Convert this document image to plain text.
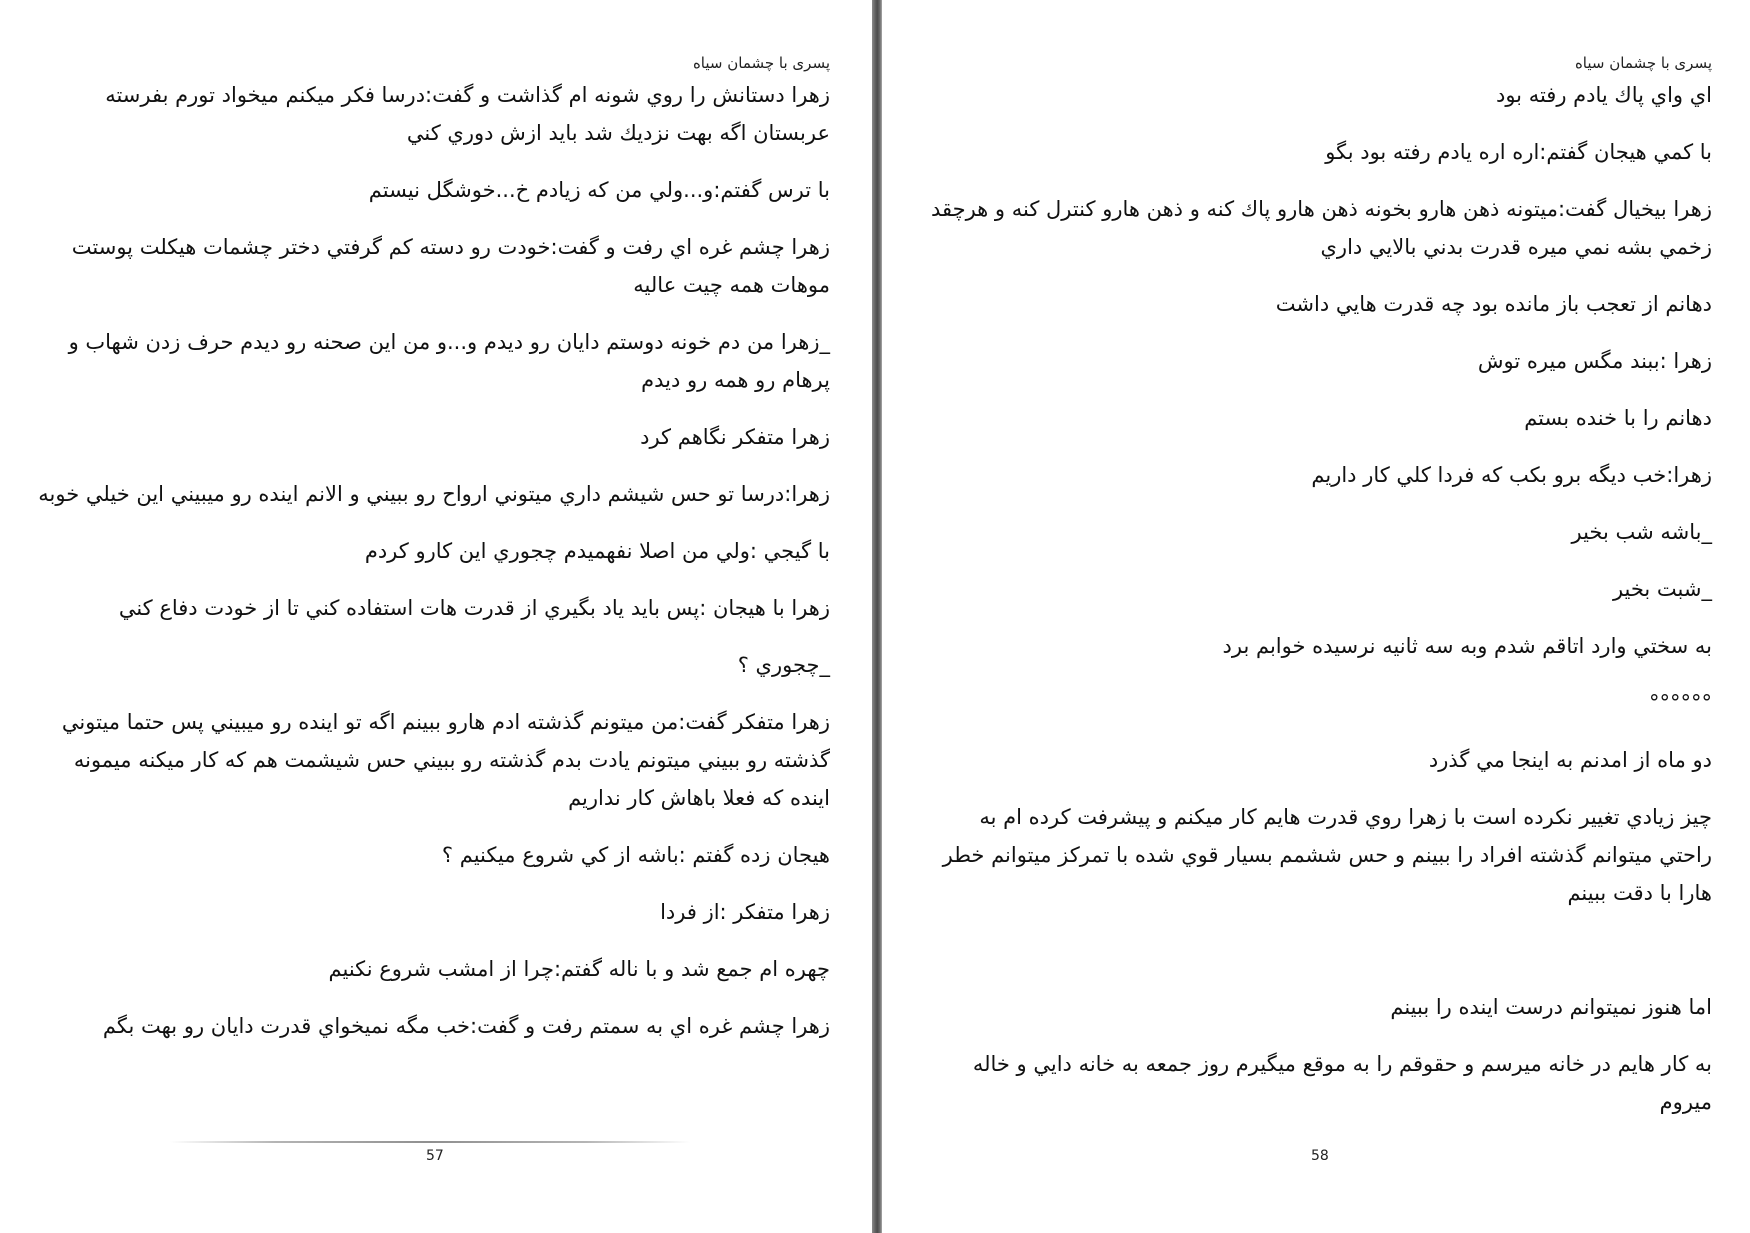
پسری با چشمان سیاه

زهرا دستانش را روي شونه ام گذاشت و گفت:درسا فكر ميكنم ميخواد تورم بفرسته عربستان اگه بهت نزديك شد بايد ازش دوري كني

با ترس گفتم:و...ولي من كه زيادم خ...خوشگل نيستم

زهرا چشم غره اي رفت و گفت:خودت رو دسته كم گرفتي دختر چشمات هيكلت پوستت موهات همه چيت عاليه

_زهرا من دم خونه دوستم دايان رو ديدم و...و من اين صحنه رو ديدم حرف زدن شهاب و پرهام رو همه رو ديدم

زهرا متفكر نگاهم كرد

زهرا:درسا تو حس شيشم داري ميتوني ارواح رو ببيني و الانم اينده رو ميبيني اين خيلي خوبه

با گيجي :ولي من اصلا نفهميدم چجوري اين كارو كردم

زهرا با هيجان :پس بايد ياد بگيري از قدرت هات استفاده كني تا از خودت دفاع كني

_چجوري ؟

زهرا متفكر گفت:من ميتونم گذشته ادم هارو ببينم اگه تو اينده رو ميبيني پس حتما ميتوني گذشته رو ببيني ميتونم يادت بدم گذشته رو ببيني حس شيشمت هم كه كار ميكنه ميمونه اينده كه فعلا باهاش كار نداريم

هيجان زده گفتم :باشه از كي شروع ميكنيم ؟

زهرا متفكر :از فردا

چهره ام جمع شد و با ناله گفتم:چرا از امشب شروع نكنيم

زهرا چشم غره اي به سمتم رفت و گفت:خب مگه نميخواي قدرت دايان رو بهت بگم

57
پسری با چشمان سیاه

اي واي پاك يادم رفته بود

با كمي هيجان گفتم:اره اره يادم رفته بود بگو

زهرا بيخيال گفت:ميتونه ذهن هارو بخونه ذهن هارو پاك كنه و ذهن هارو كنترل كنه و هرچقد زخمي بشه نمي ميره قدرت بدني بالايي داري

دهانم از تعجب باز مانده بود چه قدرت هايي داشت

زهرا :ببند مگس ميره توش

دهانم را با خنده بستم

زهرا:خب ديگه برو بكب كه فردا كلي كار داريم

_باشه شب بخير

_شبت بخير

به سختي وارد اتاقم شدم وبه سه ثانيه نرسيده خوابم برد

°°°°°°

دو ماه از امدنم به اينجا مي گذرد

چيز زيادي تغيير نكرده است با زهرا روي قدرت هايم كار ميكنم و پيشرفت كرده ام به راحتي ميتوانم گذشته افراد را ببينم و حس ششمم بسيار قوي شده با تمركز ميتوانم خطر هارا با دقت ببينم

اما هنوز نميتوانم درست اينده را ببينم

به كار هايم در خانه ميرسم و حقوقم را به موقع ميگيرم روز جمعه به خانه دايي و خاله ميروم

58
